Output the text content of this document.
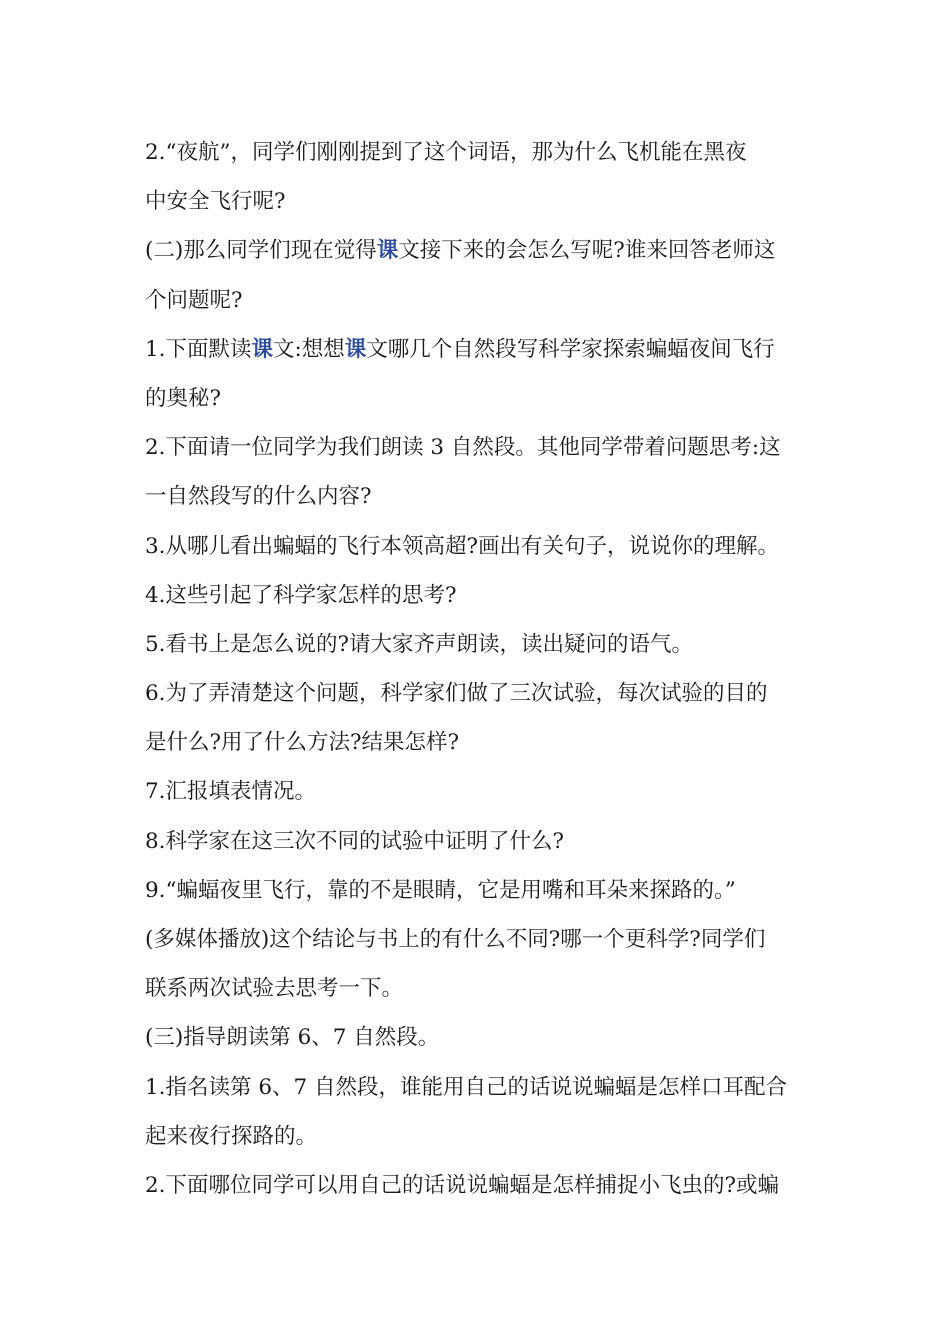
2.“夜航”，同学们刚刚提到了这个词语，那为什么飞机能在黑夜
中安全飞行呢?
(二)那么同学们现在觉得课文接下来的会怎么写呢?谁来回答老师这
个问题呢?
1.下面默读课文:想想课文哪几个自然段写科学家探索蝙蝠夜间飞行
的奥秘?
2.下面请一位同学为我们朗读 3 自然段。其他同学带着问题思考:这
一自然段写的什么内容?
3.从哪儿看出蝙蝠的飞行本领高超?画出有关句子，说说你的理解。
4.这些引起了科学家怎样的思考?
5.看书上是怎么说的?请大家齐声朗读，读出疑问的语气。
6.为了弄清楚这个问题，科学家们做了三次试验，每次试验的目的
是什么?用了什么方法?结果怎样?
7.汇报填表情况。
8.科学家在这三次不同的试验中证明了什么?
9.“蝙蝠夜里飞行，靠的不是眼睛，它是用嘴和耳朵来探路的。”
(多媒体播放)这个结论与书上的有什么不同?哪一个更科学?同学们
联系两次试验去思考一下。
(三)指导朗读第 6、7 自然段。
1.指名读第 6、7 自然段，谁能用自己的话说说蝙蝠是怎样口耳配合
起来夜行探路的。
2.下面哪位同学可以用自己的话说说蝙蝠是怎样捕捉小飞虫的?或蝙
